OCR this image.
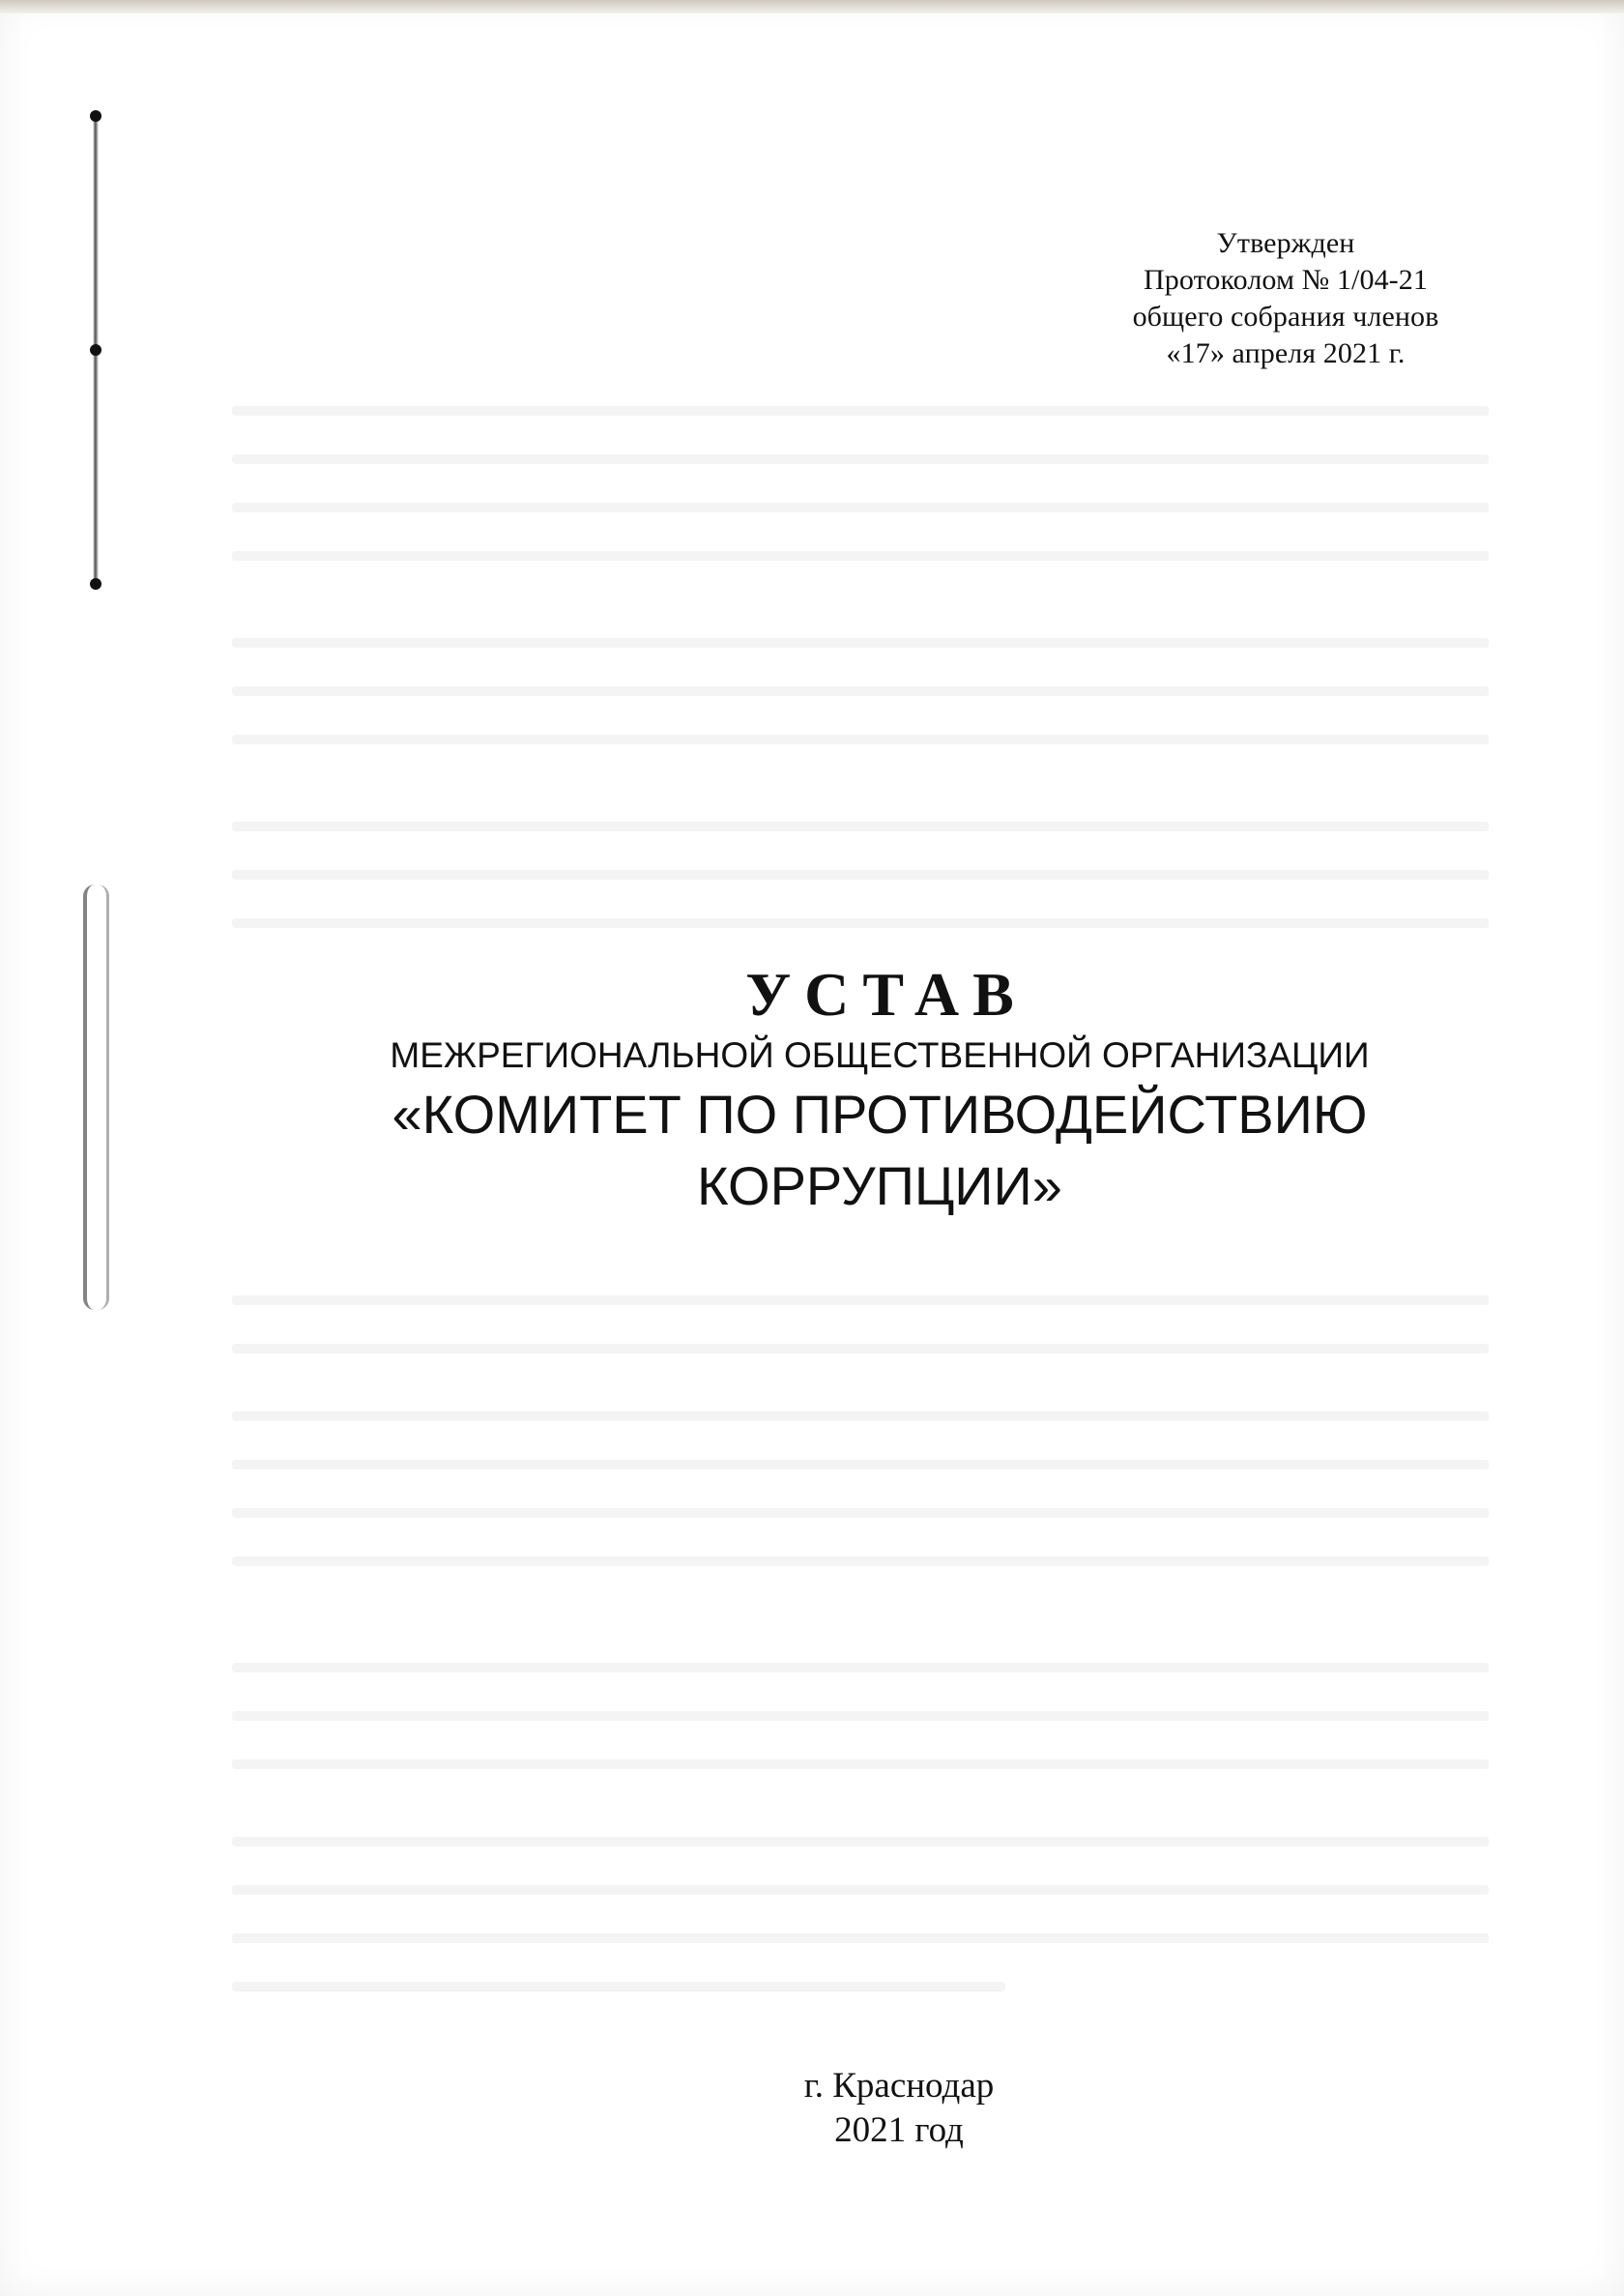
Утвержден
Протоколом № 1/04-21
общего собрания членов
«17» апреля 2021 г.
УСТАВ
МЕЖРЕГИОНАЛЬНОЙ ОБЩЕСТВЕННОЙ ОРГАНИЗАЦИИ
«КОМИТЕТ ПО ПРОТИВОДЕЙСТВИЮ
КОРРУПЦИИ»
г. Краснодар
2021 год
